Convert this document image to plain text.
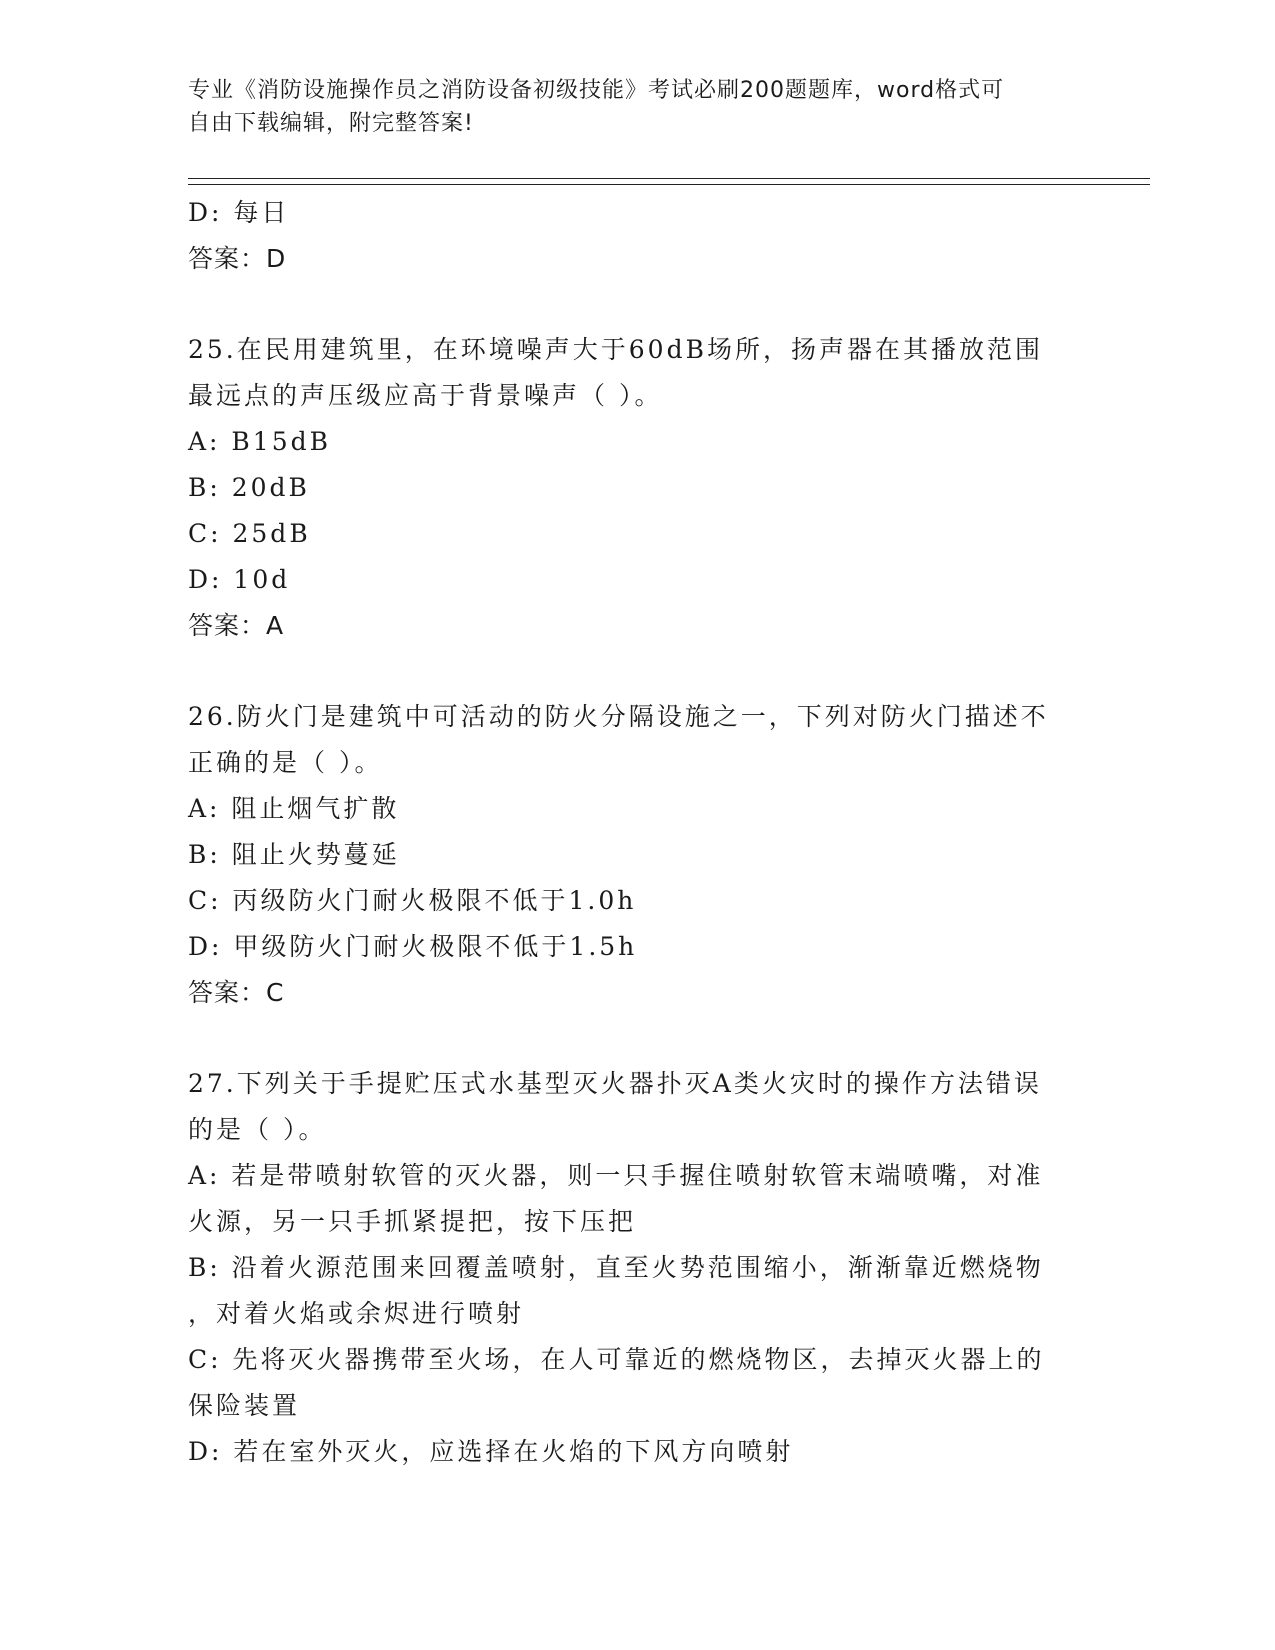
专业《消防设施操作员之消防设备初级技能》考试必刷200题题库，word格式可
自由下载编辑，附完整答案!
D: 每日
答案：D
25.在民用建筑里，在环境噪声大于60dB场所，扬声器在其播放范围
最远点的声压级应高于背景噪声（ ）。
A: B15dB
B: 20dB
C: 25dB
D: 10d
答案：A
26.防火门是建筑中可活动的防火分隔设施之一，下列对防火门描述不
正确的是（ ）。
A: 阻止烟气扩散
B: 阻止火势蔓延
C: 丙级防火门耐火极限不低于1.0h
D: 甲级防火门耐火极限不低于1.5h
答案：C
27.下列关于手提贮压式水基型灭火器扑灭A类火灾时的操作方法错误
的是（ ）。
A: 若是带喷射软管的灭火器，则一只手握住喷射软管末端喷嘴，对准
火源，另一只手抓紧提把，按下压把
B: 沿着火源范围来回覆盖喷射，直至火势范围缩小，渐渐靠近燃烧物
，对着火焰或余烬进行喷射
C: 先将灭火器携带至火场，在人可靠近的燃烧物区，去掉灭火器上的
保险装置
D: 若在室外灭火，应选择在火焰的下风方向喷射
